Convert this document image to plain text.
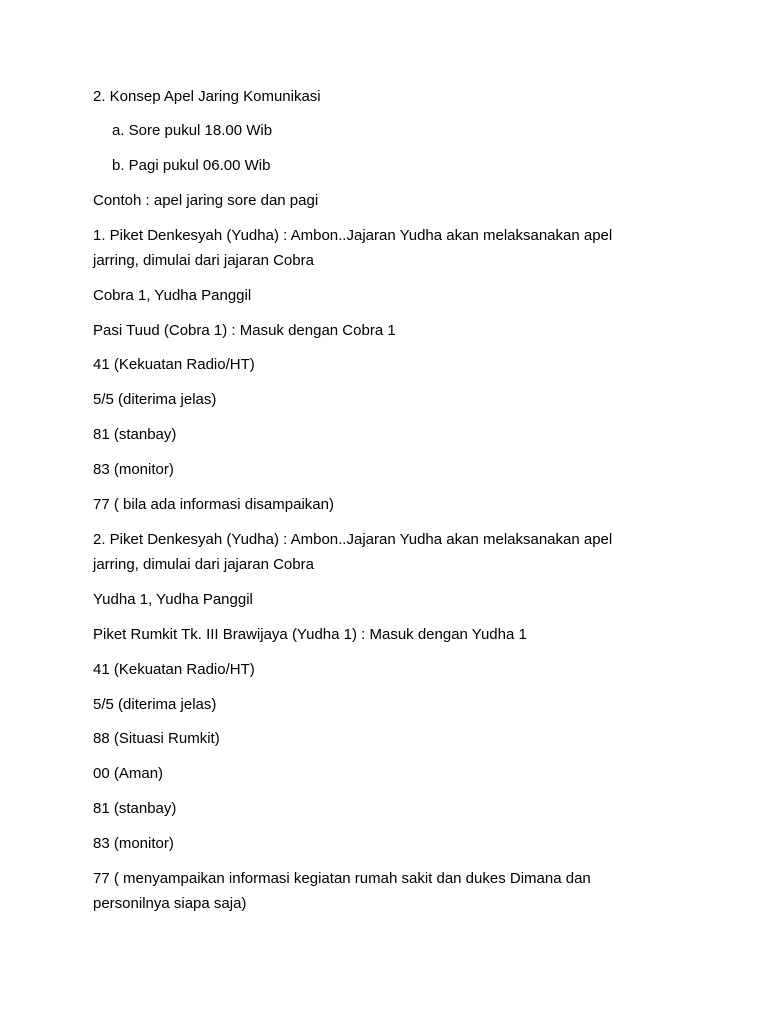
2. Konsep Apel Jaring Komunikasi
a. Sore pukul 18.00 Wib
b. Pagi pukul 06.00 Wib
Contoh : apel jaring sore dan pagi
1. Piket Denkesyah (Yudha) : Ambon..Jajaran Yudha akan melaksanakan apel jarring, dimulai dari jajaran Cobra
Cobra 1, Yudha Panggil
Pasi Tuud (Cobra 1) : Masuk dengan Cobra 1
41 (Kekuatan Radio/HT)
5/5 (diterima jelas)
81 (stanbay)
83 (monitor)
77 ( bila ada informasi disampaikan)
2. Piket Denkesyah (Yudha) : Ambon..Jajaran Yudha akan melaksanakan apel jarring, dimulai dari jajaran Cobra
Yudha 1, Yudha Panggil
Piket Rumkit Tk. III Brawijaya (Yudha 1) : Masuk dengan Yudha 1
41 (Kekuatan Radio/HT)
5/5 (diterima jelas)
88 (Situasi Rumkit)
00 (Aman)
81 (stanbay)
83 (monitor)
77 ( menyampaikan informasi kegiatan rumah sakit dan dukes Dimana dan personilnya siapa saja)
